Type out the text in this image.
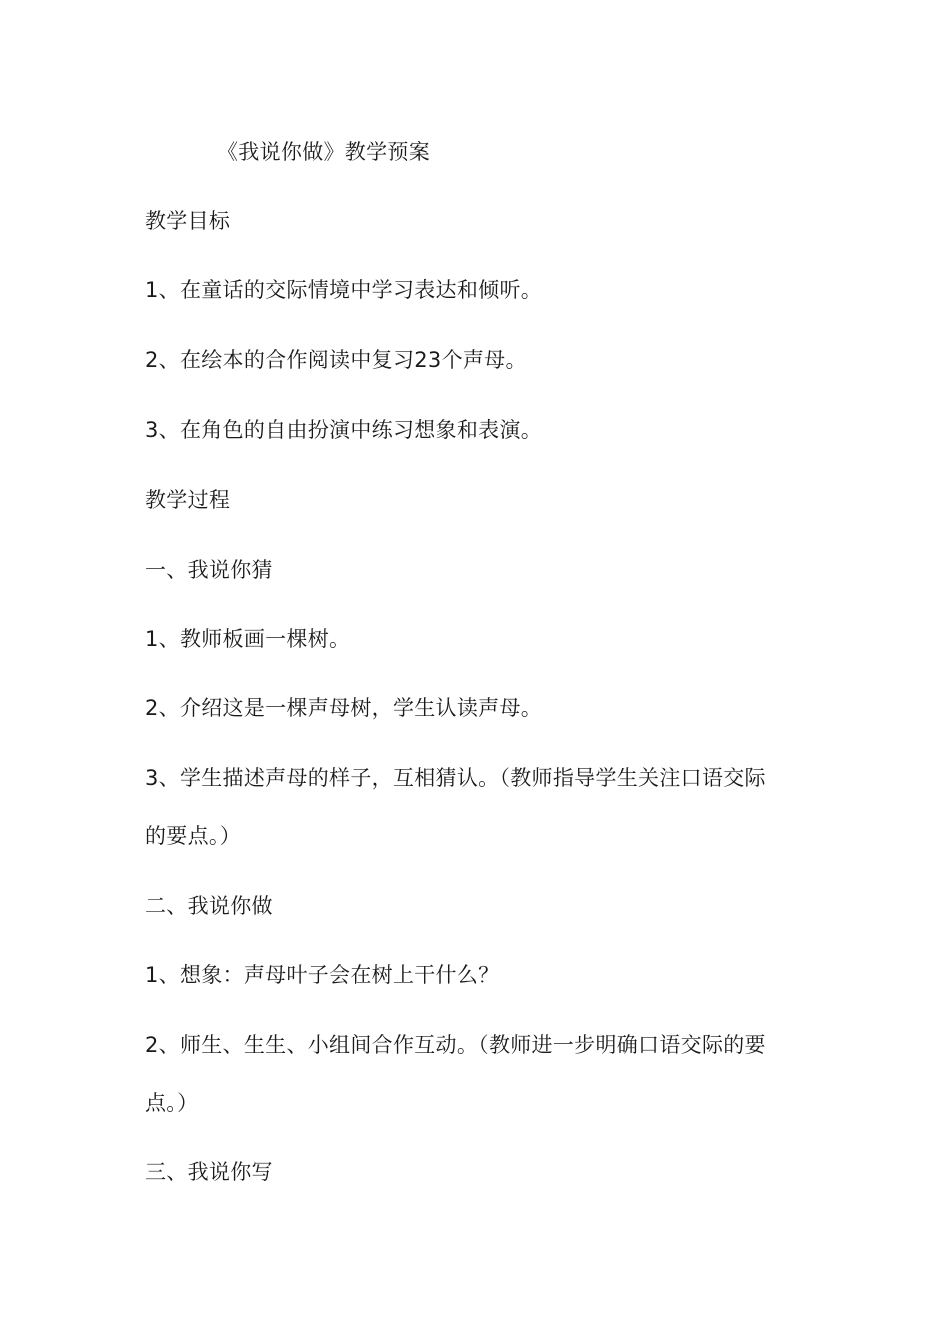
《我说你做》教学预案
教学目标
1、在童话的交际情境中学习表达和倾听。
2、在绘本的合作阅读中复习23个声母。
3、在角色的自由扮演中练习想象和表演。
教学过程
一、我说你猜
1、教师板画一棵树。
2、介绍这是一棵声母树，学生认读声母。
3、学生描述声母的样子，互相猜认。（教师指导学生关注口语交际
的要点。）
二、我说你做
1、想象：声母叶子会在树上干什么？
2、师生、生生、小组间合作互动。（教师进一步明确口语交际的要
点。）
三、我说你写
